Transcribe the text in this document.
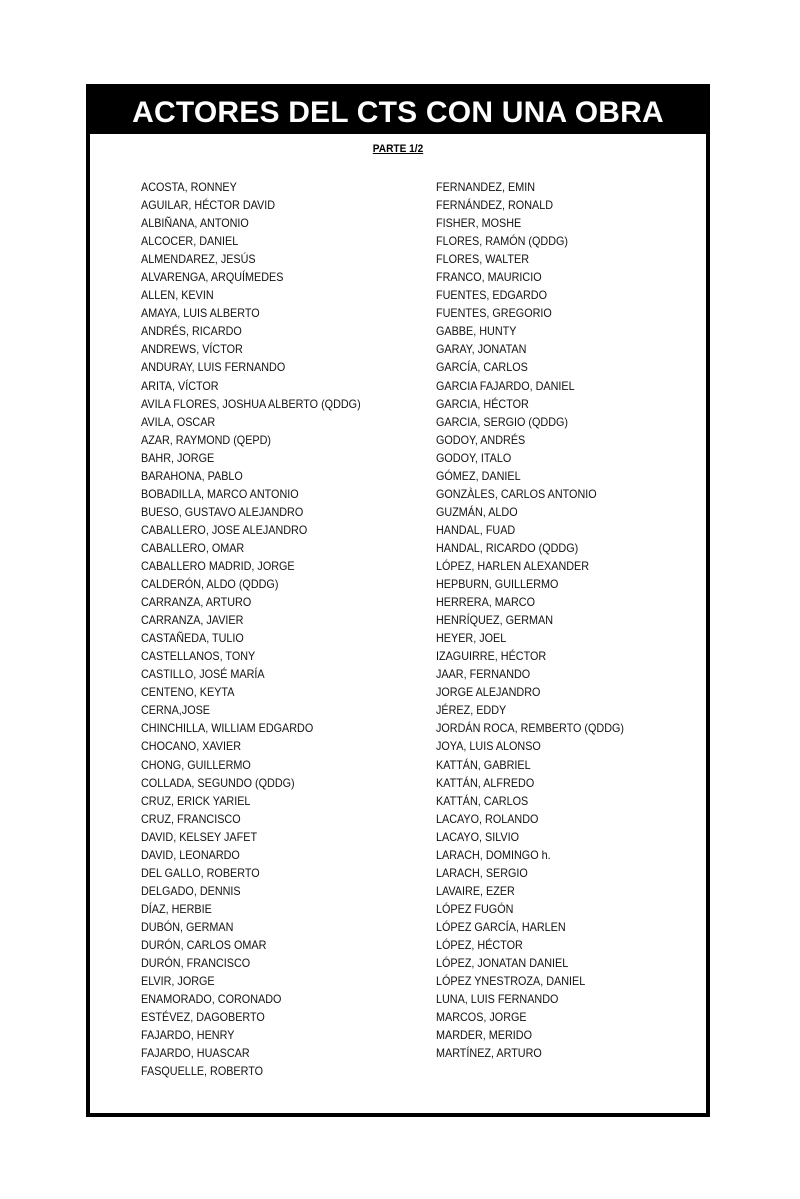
ACTORES DEL CTS CON UNA OBRA
PARTE 1/2
ACOSTA, RONNEY
AGUILAR, HÉCTOR DAVID
ALBIÑANA, ANTONIO
ALCOCER, DANIEL
ALMENDAREZ, JESÚS
ALVARENGA, ARQUÍMEDES
ALLEN, KEVIN
AMAYA, LUIS ALBERTO
ANDRÉS, RICARDO
ANDREWS, VÍCTOR
ANDURAY, LUIS FERNANDO
ARITA, VÍCTOR
AVILA FLORES, JOSHUA ALBERTO (QDDG)
AVILA, OSCAR
AZAR, RAYMOND (QEPD)
BAHR, JORGE
BARAHONA, PABLO
BOBADILLA, MARCO ANTONIO
BUESO, GUSTAVO ALEJANDRO
CABALLERO, JOSE ALEJANDRO
CABALLERO, OMAR
CABALLERO MADRID, JORGE
CALDERÓN, ALDO (QDDG)
CARRANZA, ARTURO
CARRANZA, JAVIER
CASTAÑEDA, TULIO
CASTELLANOS, TONY
CASTILLO, JOSÉ MARÍA
CENTENO, KEYTA
CERNA,JOSE
CHINCHILLA, WILLIAM EDGARDO
CHOCANO, XAVIER
CHONG, GUILLERMO
COLLADA, SEGUNDO (QDDG)
CRUZ, ERICK YARIEL
CRUZ, FRANCISCO
DAVID, KELSEY JAFET
DAVID, LEONARDO
DEL GALLO, ROBERTO
DELGADO, DENNIS
DÍAZ, HERBIE
DUBÓN, GERMAN
DURÓN, CARLOS OMAR
DURÓN, FRANCISCO
ELVIR, JORGE
ENAMORADO, CORONADO
ESTÉVEZ, DAGOBERTO
FAJARDO, HENRY
FAJARDO, HUASCAR
FASQUELLE, ROBERTO
FERNANDEZ, EMIN
FERNÁNDEZ, RONALD
FISHER, MOSHE
FLORES, RAMÓN (QDDG)
FLORES, WALTER
FRANCO, MAURICIO
FUENTES, EDGARDO
FUENTES, GREGORIO
GABBE, HUNTY
GARAY, JONATAN
GARCÍA, CARLOS
GARCIA FAJARDO, DANIEL
GARCIA, HÉCTOR
GARCIA, SERGIO (QDDG)
GODOY, ANDRÉS
GODOY, ITALO
GÓMEZ, DANIEL
GONZÀLES, CARLOS ANTONIO
GUZMÁN, ALDO
HANDAL, FUAD
HANDAL, RICARDO (QDDG)
LÓPEZ, HARLEN ALEXANDER
HEPBURN, GUILLERMO
HERRERA, MARCO
HENRÍQUEZ, GERMAN
HEYER, JOEL
IZAGUIRRE, HÉCTOR
JAAR, FERNANDO
JORGE ALEJANDRO
JÉREZ, EDDY
JORDÁN ROCA, REMBERTO (QDDG)
JOYA, LUIS ALONSO
KATTÁN, GABRIEL
KATTÁN, ALFREDO
KATTÁN, CARLOS
LACAYO, ROLANDO
LACAYO, SILVIO
LARACH, DOMINGO h.
LARACH, SERGIO
LAVAIRE, EZER
LÓPEZ FUGÓN
LÓPEZ GARCÍA, HARLEN
LÓPEZ, HÉCTOR
LÓPEZ, JONATAN DANIEL
LÓPEZ YNESTROZA, DANIEL
LUNA, LUIS FERNANDO
MARCOS, JORGE
MARDER, MERIDO
MARTÍNEZ, ARTURO
